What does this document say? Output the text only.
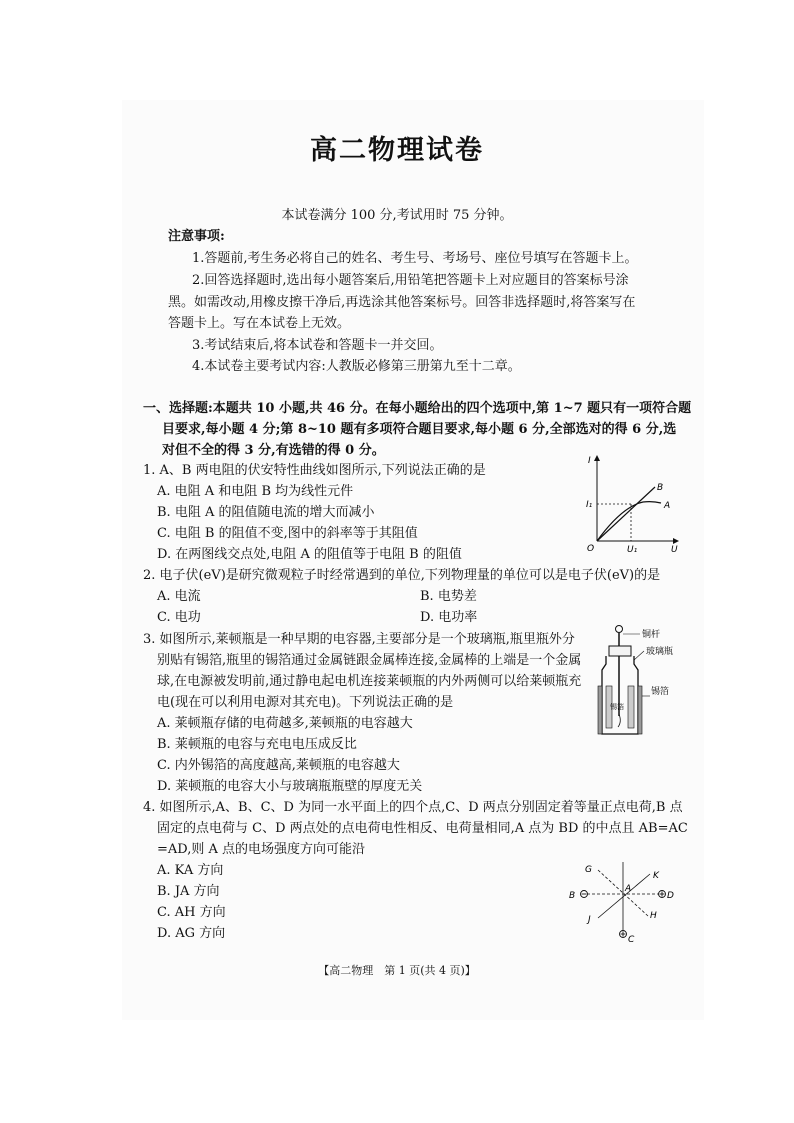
高二物理试卷
本试卷满分 100 分,考试用时 75 分钟。
注意事项:
1.答题前,考生务必将自己的姓名、考生号、考场号、座位号填写在答题卡上。
2.回答选择题时,选出每小题答案后,用铅笔把答题卡上对应题目的答案标号涂
黑。如需改动,用橡皮擦干净后,再选涂其他答案标号。回答非选择题时,将答案写在
答题卡上。写在本试卷上无效。
3.考试结束后,将本试卷和答题卡一并交回。
4.本试卷主要考试内容:人教版必修第三册第九至十二章。
一、选择题:本题共 10 小题,共 46 分。在每小题给出的四个选项中,第 1~7 题只有一项符合题
目要求,每小题 4 分;第 8~10 题有多项符合题目要求,每小题 6 分,全部选对的得 6 分,选
对但不全的得 3 分,有选错的得 0 分。
1. A、B 两电阻的伏安特性曲线如图所示,下列说法正确的是
A. 电阻 A 和电阻 B 均为线性元件
B. 电阻 A 的阻值随电流的增大而减小
C. 电阻 B 的阻值不变,图中的斜率等于其阻值
D. 在两图线交点处,电阻 A 的阻值等于电阻 B 的阻值
I
U
O
I₁
U₁
B
A
2. 电子伏(eV)是研究微观粒子时经常遇到的单位,下列物理量的单位可以是电子伏(eV)的是
A. 电流	B. 电势差
C. 电功	D. 电功率
3. 如图所示,莱顿瓶是一种早期的电容器,主要部分是一个玻璃瓶,瓶里瓶外分
别贴有锡箔,瓶里的锡箔通过金属链跟金属棒连接,金属棒的上端是一个金属
球,在电源被发明前,通过静电起电机连接莱顿瓶的内外两侧可以给莱顿瓶充
电(现在可以利用电源对其充电)。下列说法正确的是
A. 莱顿瓶存储的电荷越多,莱顿瓶的电容越大
B. 莱顿瓶的电容与充电电压成反比
C. 内外锡箔的高度越高,莱顿瓶的电容越大
D. 莱顿瓶的电容大小与玻璃瓶瓶壁的厚度无关
铜杆
玻璃瓶
锡箔
锡箔
4. 如图所示,A、B、C、D 为同一水平面上的四个点,C、D 两点分别固定着等量正点电荷,B 点
固定的点电荷与 C、D 两点处的点电荷电性相反、电荷量相同,A 点为 BD 的中点且 AB=AC
=AD,则 A 点的电场强度方向可能沿
A. KA 方向
B. JA 方向
C. AH 方向
D. AG 方向
B	D
C
A
G
K
J	H
【高二物理　第 1 页(共 4 页)】
